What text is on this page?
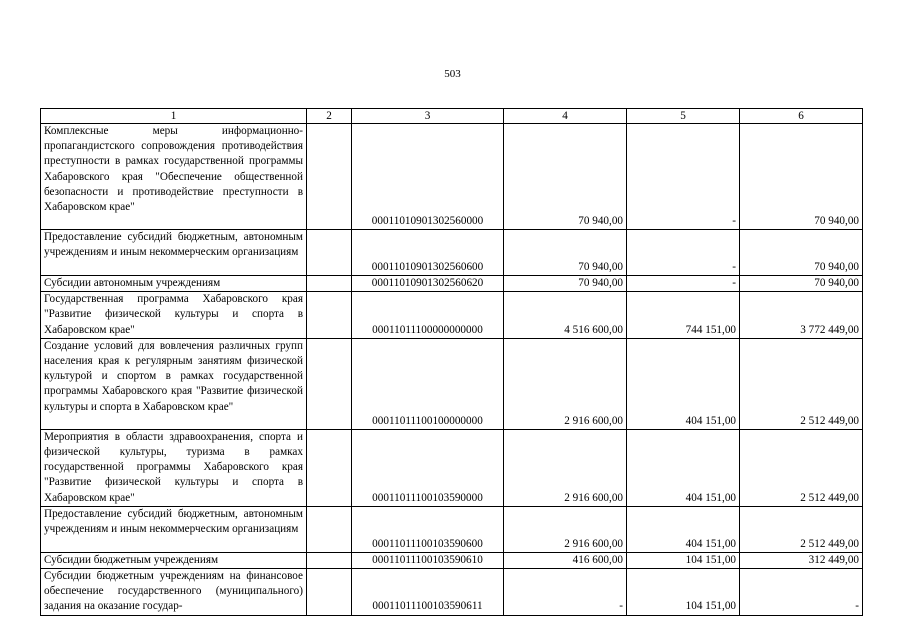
503
1	2	3	4	5	6
Комплексные меры информационно-пропагандистского сопровождения противодействия преступности в рамках государственной программы Хабаровского края "Обеспечение общественной безопасности и противодействие преступности в Хабаровском крае"		00011010901302560000	70 940,00	-	70 940,00
Предоставление субсидий бюджетным, автономным учреждениям и иным некоммерческим организациям		00011010901302560600	70 940,00	-	70 940,00
Субсидии автономным учреждениям		00011010901302560620	70 940,00	-	70 940,00
Государственная программа Хабаровского края "Развитие физической культуры и спорта в Хабаровском крае"		00011011100000000000	4 516 600,00	744 151,00	3 772 449,00
Создание условий для вовлечения различных групп населения края к регулярным занятиям физической культурой и спортом в рамках государственной программы Хабаровского края "Развитие физической культуры и спорта в Хабаровском крае"		00011011100100000000	2 916 600,00	404 151,00	2 512 449,00
Мероприятия в области здравоохранения, спорта и физической культуры, туризма в рамках государственной программы Хабаровского края "Развитие физической культуры и спорта в Хабаровском крае"		00011011100103590000	2 916 600,00	404 151,00	2 512 449,00
Предоставление субсидий бюджетным, автономным учреждениям и иным некоммерческим организациям		00011011100103590600	2 916 600,00	404 151,00	2 512 449,00
Субсидии бюджетным учреждениям		00011011100103590610	416 600,00	104 151,00	312 449,00
Субсидии бюджетным учреждениям на финансовое обеспечение государственного (муниципального) задания на оказание государ-		00011011100103590611	-	104 151,00	-
